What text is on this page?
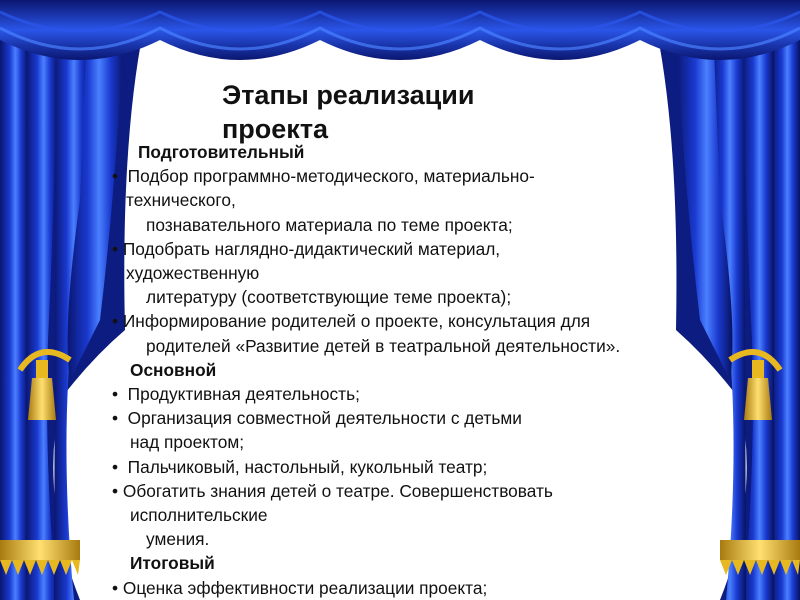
Этапы реализации проекта
Подготовительный
• Подбор программно-методического, материально-
технического,
познавательного материала по теме проекта;
• Подобрать наглядно-дидактический материал,
художественную
литературу (соответствующие теме проекта);
• Информирование родителей о проекте, консультация для
родителей «Развитие детей в театральной деятельности».
Основной
• Продуктивная деятельность;
• Организация совместной деятельности с детьми
над проектом;
• Пальчиковый, настольный, кукольный театр;
• Обогатить знания детей о театре. Совершенствовать
исполнительские
умения.
Итоговый
• Оценка эффективности реализации проекта;
